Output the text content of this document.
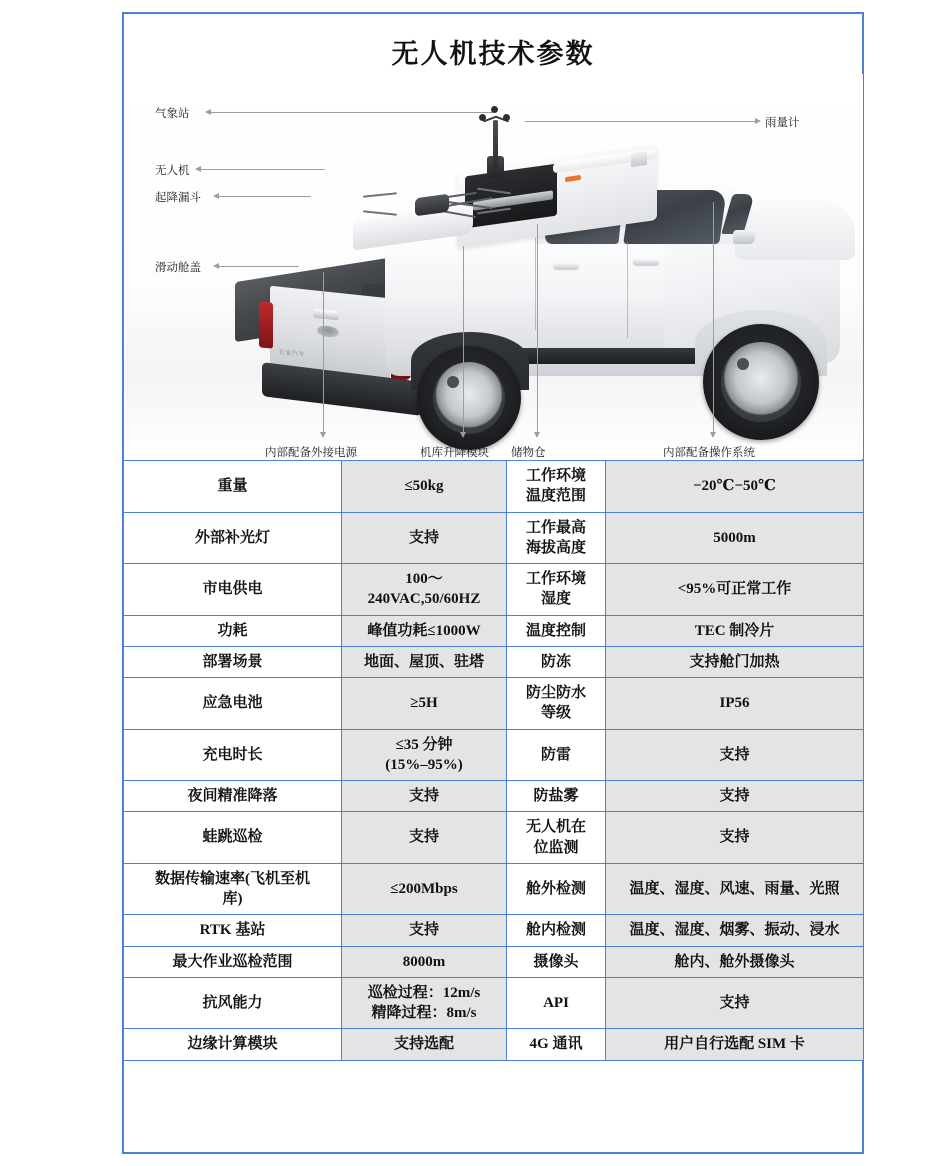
无人机技术参数
长安汽车
气象站
无人机
起降漏斗
滑动舱盖
雨量计
内部配备外接电源	机库升降模块 储物仓	内部配备操作系统
重量	≤50kg	工作环境
温度范围	−20℃−50℃

外部补光灯	支持	工作最高
海拔高度	5000m

市电供电	100～
240VAC,50/60HZ	工作环境
湿度	<95%可正常工作

功耗	峰值功耗≤1000W	温度控制	TEC 制冷片

部署场景	地面、屋顶、驻塔	防冻	支持舱门加热

应急电池	≥5H	防尘防水
等级	IP56

充电时长	≤35 分钟
(15%–95%)	防雷	支持

夜间精准降落	支持	防盐雾	支持

蛙跳巡检	支持	无人机在
位监测	支持

数据传输速率(飞机至机
库)	≤200Mbps	舱外检测	温度、湿度、风速、雨量、光照

RTK 基站	支持	舱内检测	温度、湿度、烟雾、振动、浸水

最大作业巡检范围	8000m	摄像头	舱内、舱外摄像头

抗风能力	巡检过程：12m/s
精降过程：8m/s	API	支持

边缘计算模块	支持选配	4G 通讯	用户自行选配 SIM 卡
